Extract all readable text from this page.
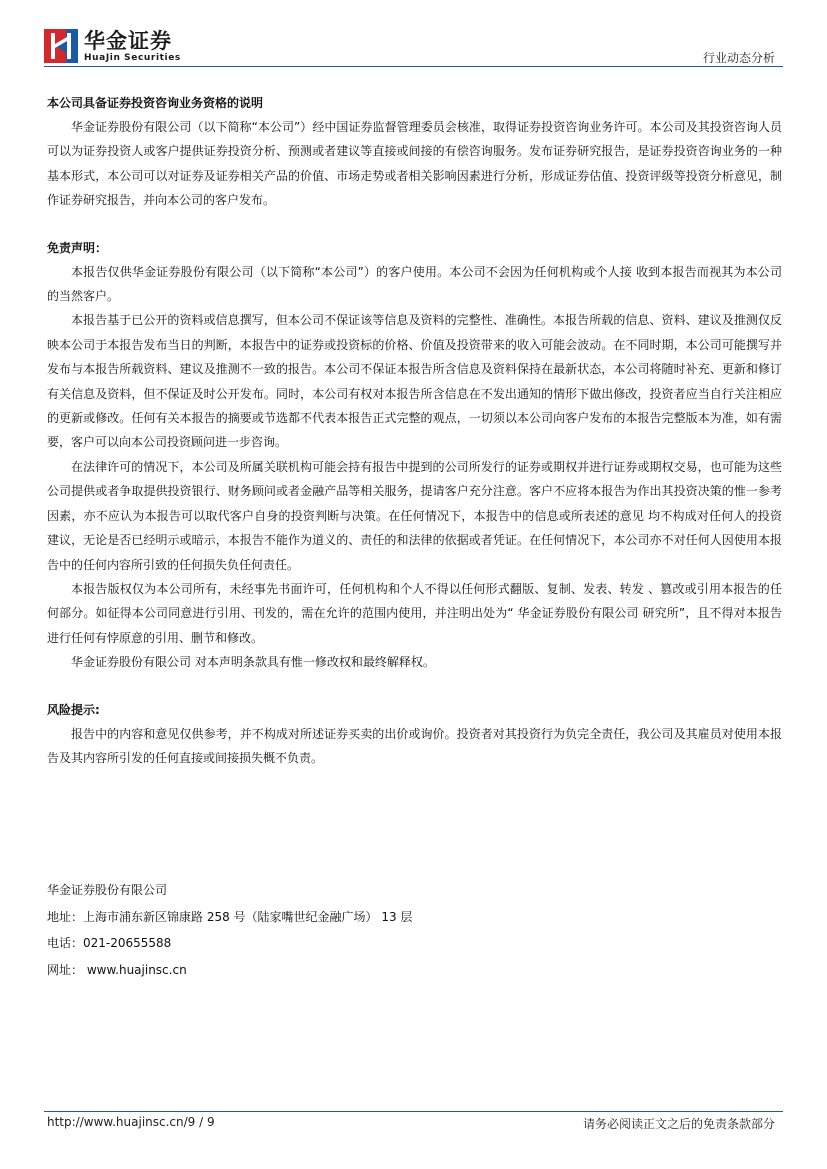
华金证券
HuaJin Securities	行业动态分析

本公司具备证券投资咨询业务资格的说明

华金证券股份有限公司（以下简称“本公司”）经中国证券监督管理委员会核准，取得证券投资咨询业务许可。本公司及其投资咨询人员可以为证券投资人或客户提供证券投资分析、预测或者建议等直接或间接的有偿咨询服务。发布证券研究报告，是证券投资咨询业务的一种基本形式，本公司可以对证券及证券相关产品的价值、市场走势或者相关影响因素进行分析，形成证券估值、投资评级等投资分析意见，制作证券研究报告，并向本公司的客户发布。

免责声明：

本报告仅供华金证券股份有限公司（以下简称“本公司”）的客户使用。本公司不会因为任何机构或个人接 收到本报告而视其为本公司的当然客户。

本报告基于已公开的资料或信息撰写，但本公司不保证该等信息及资料的完整性、准确性。本报告所载的信息、资料、建议及推测仅反映本公司于本报告发布当日的判断，本报告中的证券或投资标的价格、价值及投资带来的收入可能会波动。在不同时期，本公司可能撰写并发布与本报告所载资料、建议及推测不一致的报告。本公司不保证本报告所含信息及资料保持在最新状态，本公司将随时补充、更新和修订有关信息及资料，但不保证及时公开发布。同时，本公司有权对本报告所含信息在不发出通知的情形下做出修改，投资者应当自行关注相应的更新或修改。任何有关本报告的摘要或节选都不代表本报告正式完整的观点，一切须以本公司向客户发布的本报告完整版本为准，如有需要，客户可以向本公司投资顾问进一步咨询。

在法律许可的情况下，本公司及所属关联机构可能会持有报告中提到的公司所发行的证券或期权并进行证券或期权交易，也可能为这些公司提供或者争取提供投资银行、财务顾问或者金融产品等相关服务，提请客户充分注意。客户不应将本报告为作出其投资决策的惟一参考因素，亦不应认为本报告可以取代客户自身的投资判断与决策。在任何情况下，本报告中的信息或所表述的意见 均不构成对任何人的投资建议，无论是否已经明示或暗示，本报告不能作为道义的、责任的和法律的依据或者凭证。在任何情况下，本公司亦不对任何人因使用本报告中的任何内容所引致的任何损失负任何责任。

本报告版权仅为本公司所有，未经事先书面许可，任何机构和个人不得以任何形式翻版、复制、发表、转发 、篡改或引用本报告的任何部分。如征得本公司同意进行引用、刊发的，需在允许的范围内使用，并注明出处为“ 华金证券股份有限公司 研究所”，且不得对本报告进行任何有悖原意的引用、删节和修改。

华金证券股份有限公司 对本声明条款具有惟一修改权和最终解释权。

风险提示:

报告中的内容和意见仅供参考，并不构成对所述证券买卖的出价或询价。投资者对其投资行为负完全责任，我公司及其雇员对使用本报告及其内容所引发的任何直接或间接损失概不负责。

华金证券股份有限公司
地址：上海市浦东新区锦康路 258 号（陆家嘴世纪金融广场） 13 层
电话：021-20655588
网址： www.huajinsc.cn
http://www.huajinsc.cn/9 / 9	请务必阅读正文之后的免责条款部分
